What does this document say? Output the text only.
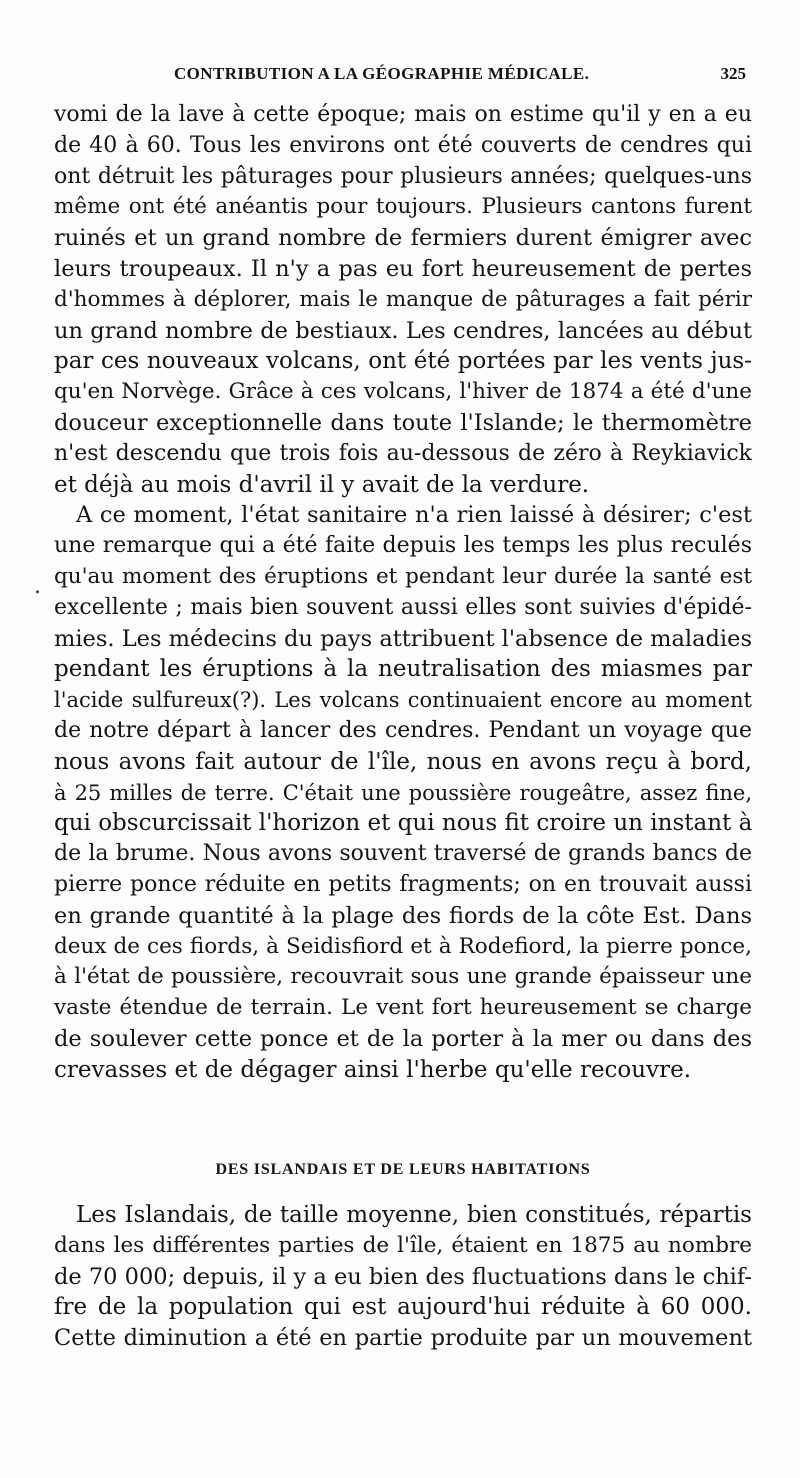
CONTRIBUTION A LA GÉOGRAPHIE MÉDICALE.	325
.
vomi de la lave à cette époque; mais on estime qu'il y en a eu
de 40 à 60. Tous les environs ont été couverts de cendres qui
ont détruit les pâturages pour plusieurs années; quelques-uns
même ont été anéantis pour toujours. Plusieurs cantons furent
ruinés et un grand nombre de fermiers durent émigrer avec
leurs troupeaux. Il n'y a pas eu fort heureusement de pertes
d'hommes à déplorer, mais le manque de pâturages a fait périr
un grand nombre de bestiaux. Les cendres, lancées au début
par ces nouveaux volcans, ont été portées par les vents jus-
qu'en Norvège. Grâce à ces volcans, l'hiver de 1874 a été d'une
douceur exceptionnelle dans toute l'Islande; le thermomètre
n'est descendu que trois fois au-dessous de zéro à Reykiavick
et déjà au mois d'avril il y avait de la verdure.
A ce moment, l'état sanitaire n'a rien laissé à désirer; c'est
une remarque qui a été faite depuis les temps les plus reculés
qu'au moment des éruptions et pendant leur durée la santé est
excellente ; mais bien souvent aussi elles sont suivies d'épidé-
mies. Les médecins du pays attribuent l'absence de maladies
pendant les éruptions à la neutralisation des miasmes par
l'acide sulfureux(?). Les volcans continuaient encore au moment
de notre départ à lancer des cendres. Pendant un voyage que
nous avons fait autour de l'île, nous en avons reçu à bord,
à 25 milles de terre. C'était une poussière rougeâtre, assez fine,
qui obscurcissait l'horizon et qui nous fit croire un instant à
de la brume. Nous avons souvent traversé de grands bancs de
pierre ponce réduite en petits fragments; on en trouvait aussi
en grande quantité à la plage des fiords de la côte Est. Dans
deux de ces fiords, à Seidisfiord et à Rodefiord, la pierre ponce,
à l'état de poussière, recouvrait sous une grande épaisseur une
vaste étendue de terrain. Le vent fort heureusement se charge
de soulever cette ponce et de la porter à la mer ou dans des
crevasses et de dégager ainsi l'herbe qu'elle recouvre.
DES ISLANDAIS ET DE LEURS HABITATIONS
Les Islandais, de taille moyenne, bien constitués, répartis
dans les différentes parties de l'île, étaient en 1875 au nombre
de 70 000; depuis, il y a eu bien des fluctuations dans le chif-
fre de la population qui est aujourd'hui réduite à 60 000.
Cette diminution a été en partie produite par un mouvement
